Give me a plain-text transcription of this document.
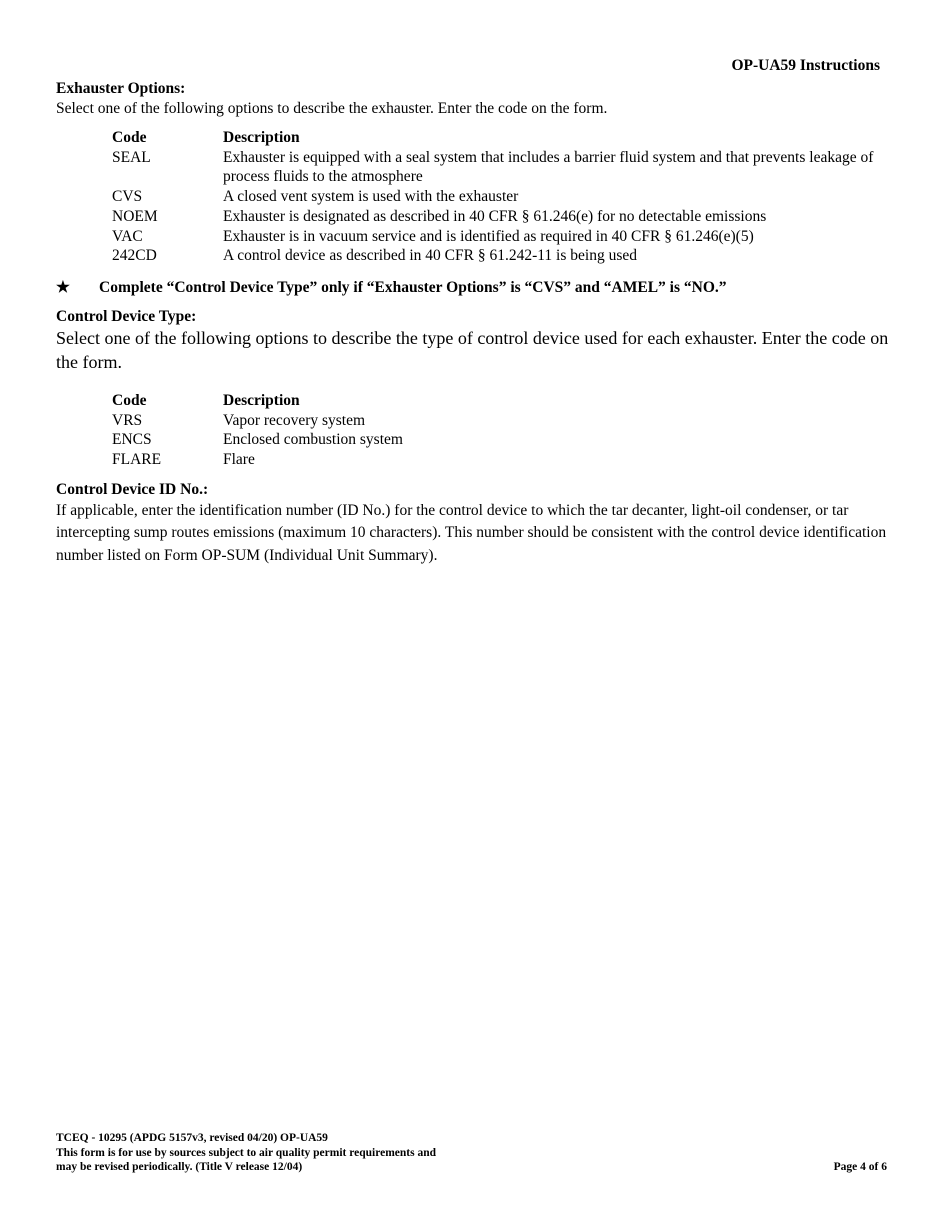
OP-UA59 Instructions
Exhauster Options:
Select one of the following options to describe the exhauster. Enter the code on the form.
Code	Description
SEAL	Exhauster is equipped with a seal system that includes a barrier fluid system and that prevents leakage of process fluids to the atmosphere
CVS	A closed vent system is used with the exhauster
NOEM	Exhauster is designated as described in 40 CFR § 61.246(e) for no detectable emissions
VAC	Exhauster is in vacuum service and is identified as required in 40 CFR § 61.246(e)(5)
242CD	A control device as described in 40 CFR § 61.242-11 is being used
★	Complete “Control Device Type” only if “Exhauster Options” is “CVS” and “AMEL” is “NO.”
Control Device Type:
Select one of the following options to describe the type of control device used for each exhauster. Enter the code on the form.
Code	Description
VRS	Vapor recovery system
ENCS	Enclosed combustion system
FLARE	Flare
Control Device ID No.:
If applicable, enter the identification number (ID No.) for the control device to which the tar decanter, light-oil condenser, or tar intercepting sump routes emissions (maximum 10 characters). This number should be consistent with the control device identification number listed on Form OP-SUM (Individual Unit Summary).
TCEQ - 10295 (APDG 5157v3, revised 04/20) OP-UA59
This form is for use by sources subject to air quality permit requirements and
may be revised periodically. (Title V release 12/04)	Page 4 of 6
